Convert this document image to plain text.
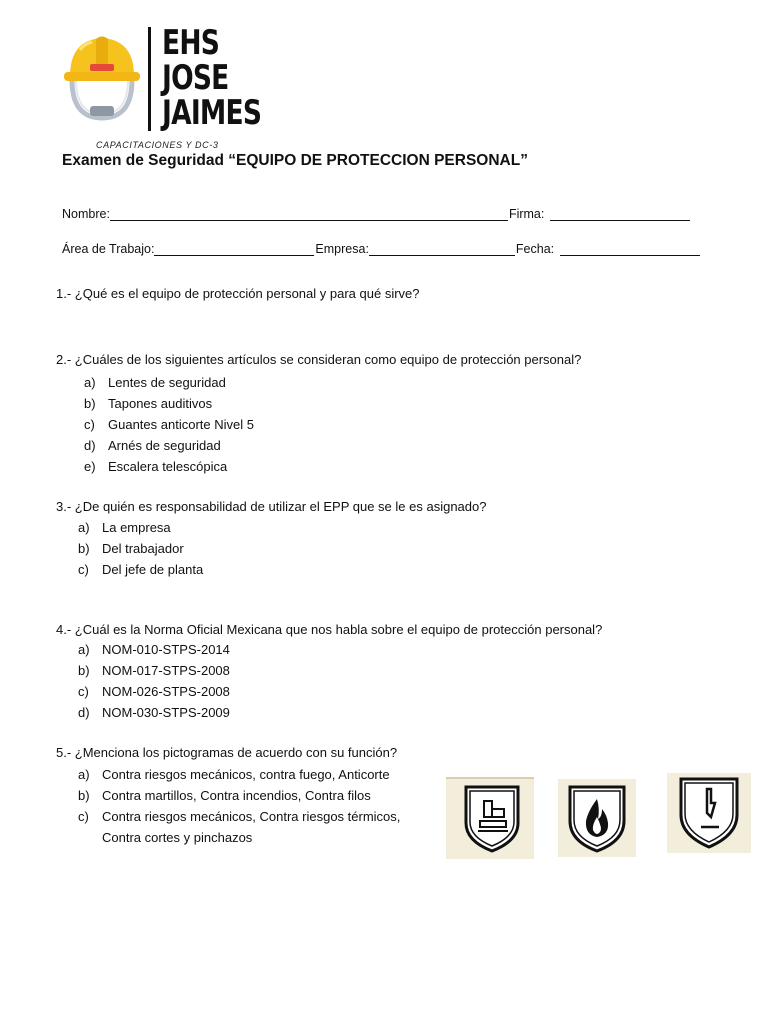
EHS
JOSE
JAIMES
CAPACITACIONES Y DC-3
Examen de Seguridad “EQUIPO DE PROTECCION PERSONAL”
Nombre:	Firma:
Área de Trabajo:	Empresa:	Fecha:
1.- ¿Qué es el equipo de protección personal y para qué sirve?
2.- ¿Cuáles de los siguientes artículos se consideran como equipo de protección personal?
a) Lentes de seguridad
b) Tapones auditivos
c)	Guantes anticorte Nivel 5
d) Arnés de seguridad
e) Escalera telescópica
3.- ¿De quién es responsabilidad de utilizar el EPP que se le es asignado?
a) La empresa
b) Del trabajador
c)	Del jefe de planta
4.- ¿Cuál es la Norma Oficial Mexicana que nos habla sobre el equipo de protección personal?
a) NOM-010-STPS-2014
b) NOM-017-STPS-2008
c)	NOM-026-STPS-2008
d) NOM-030-STPS-2009
5.- ¿Menciona los pictogramas de acuerdo con su función?
a) Contra riesgos mecánicos, contra fuego, Anticorte
b) Contra martillos, Contra incendios, Contra filos
c)	Contra riesgos mecánicos, Contra riesgos térmicos,
Contra cortes y pinchazos
